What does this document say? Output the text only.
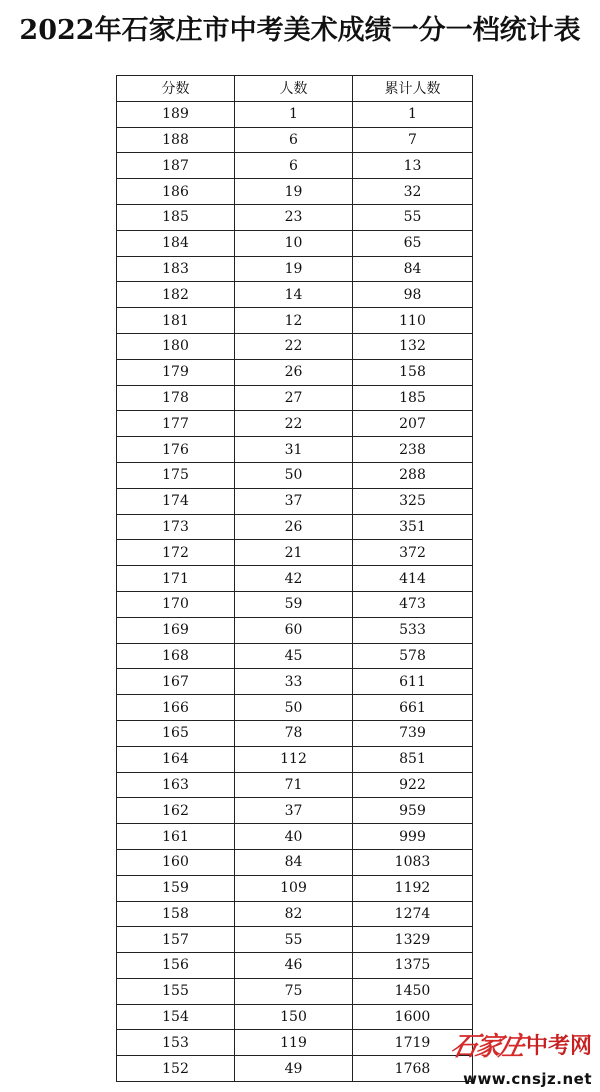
2022年石家庄市中考美术成绩一分一档统计表
分数	人数	累计人数
189	1	1
188	6	7
187	6	13
186	19	32
185	23	55
184	10	65
183	19	84
182	14	98
181	12	110
180	22	132
179	26	158
178	27	185
177	22	207
176	31	238
175	50	288
174	37	325
173	26	351
172	21	372
171	42	414
170	59	473
169	60	533
168	45	578
167	33	611
166	50	661
165	78	739
164	112	851
163	71	922
162	37	959
161	40	999
160	84	1083
159	109	1192
158	82	1274
157	55	1329
156	46	1375
155	75	1450
154	150	1600
153	119	1719
152	49	1768
石家庄 中考网
www.cnsjz.net
